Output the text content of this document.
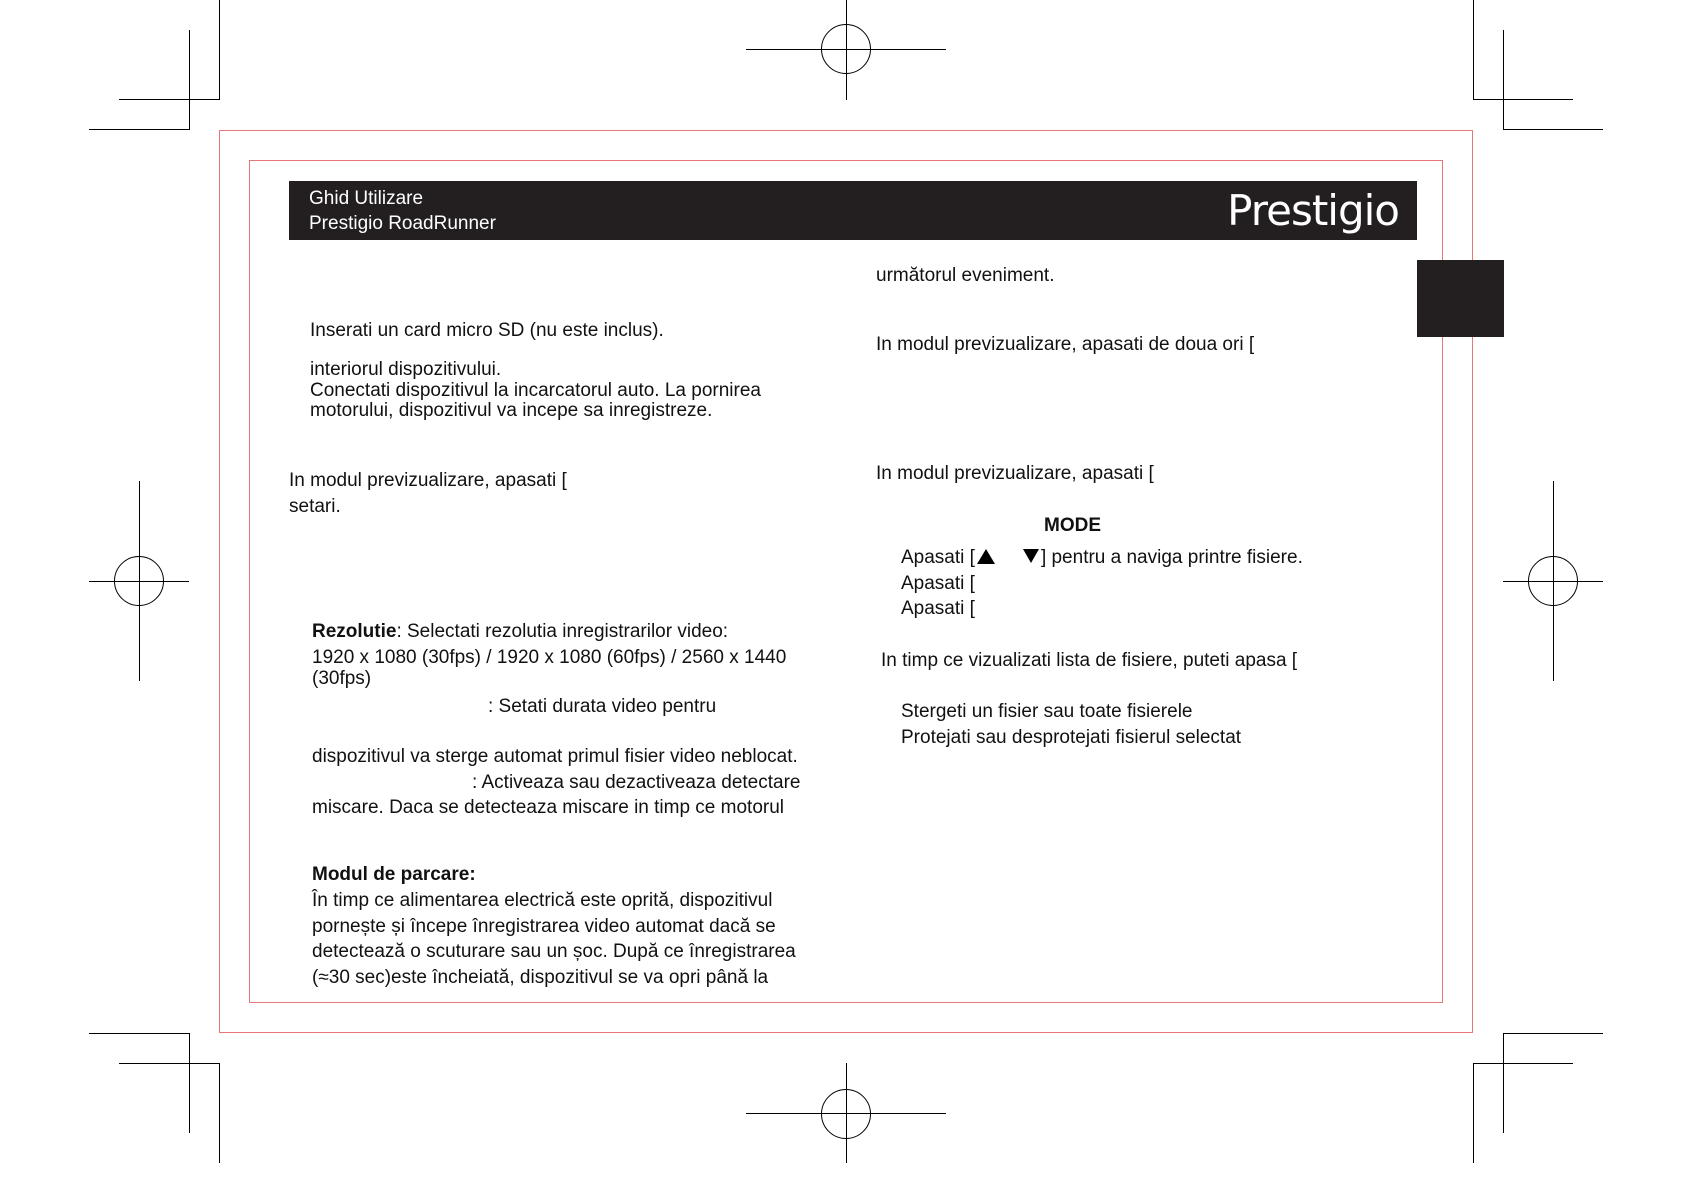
Ghid Utilizare
Prestigio RoadRunner	Prestigio
Inserati un card micro SD (nu este inclus).
interiorul dispozitivului.
Conectati dispozitivul la incarcatorul auto. La pornirea
motorului, dispozitivul va incepe sa inregistreze.
In modul previzualizare, apasati [
setari.
Rezolutie: Selectati rezolutia inregistrarilor video:
1920 x 1080 (30fps) / 1920 x 1080 (60fps) / 2560 x 1440
(30fps)
: Setati durata video pentru
dispozitivul va sterge automat primul fisier video neblocat.
: Activeaza sau dezactiveaza detectare
miscare. Daca se detecteaza miscare in timp ce motorul
Modul de parcare:
În timp ce alimentarea electrică este oprită, dispozitivul
pornește și începe înregistrarea video automat dacă se
detectează o scuturare sau un șoc. După ce înregistrarea
(≈30 sec)este încheiată, dispozitivul se va opri până la
următorul eveniment.
In modul previzualizare, apasati de doua ori [
In modul previzualizare, apasati [
MODE
Apasati [	] pentru a naviga printre fisiere.
Apasati [
Apasati [
In timp ce vizualizati lista de fisiere, puteti apasa [
Stergeti un fisier sau toate fisierele
Protejati sau desprotejati fisierul selectat
